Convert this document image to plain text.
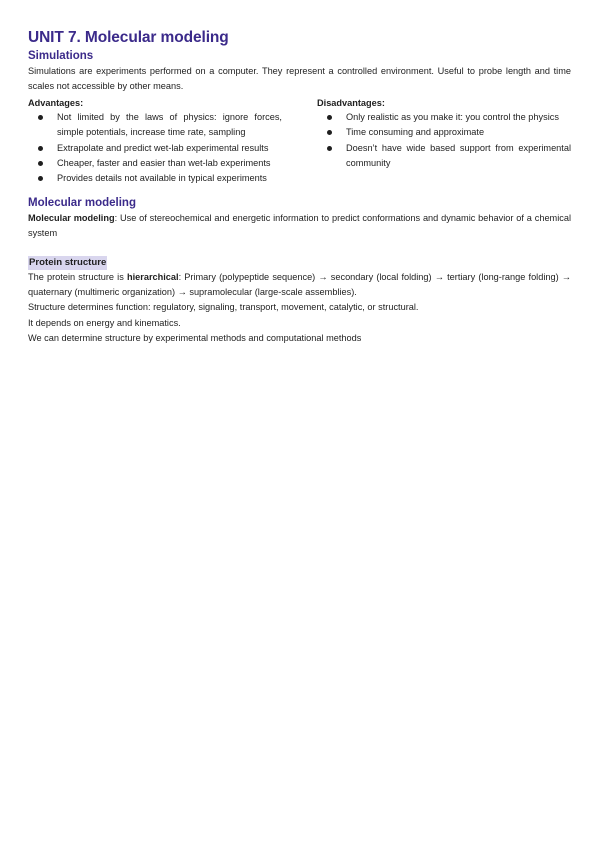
UNIT 7. Molecular modeling
Simulations

Simulations are experiments performed on a computer. They represent a controlled environment. Useful to probe length and time scales not accessible by other means.

Advantages:
Not limited by the laws of physics: ignore forces, simple potentials, increase time rate, sampling
Extrapolate and predict wet-lab experimental results
Cheaper, faster and easier than wet-lab experiments
Provides details not available in typical experiments
Disadvantages:
Only realistic as you make it: you control the physics
Time consuming and approximate
Doesn’t have wide based support from experimental community
Molecular modeling

Molecular modeling: Use of stereochemical and energetic information to predict conformations and dynamic behavior of a chemical system

Protein structure

The protein structure is hierarchical: Primary (polypeptide sequence) → secondary (local folding) → tertiary (long-range folding) → quaternary (multimeric organization) → supramolecular (large-scale assemblies).

Structure determines function: regulatory, signaling, transport, movement, catalytic, or structural.

It depends on energy and kinematics.

We can determine structure by experimental methods and computational methods
